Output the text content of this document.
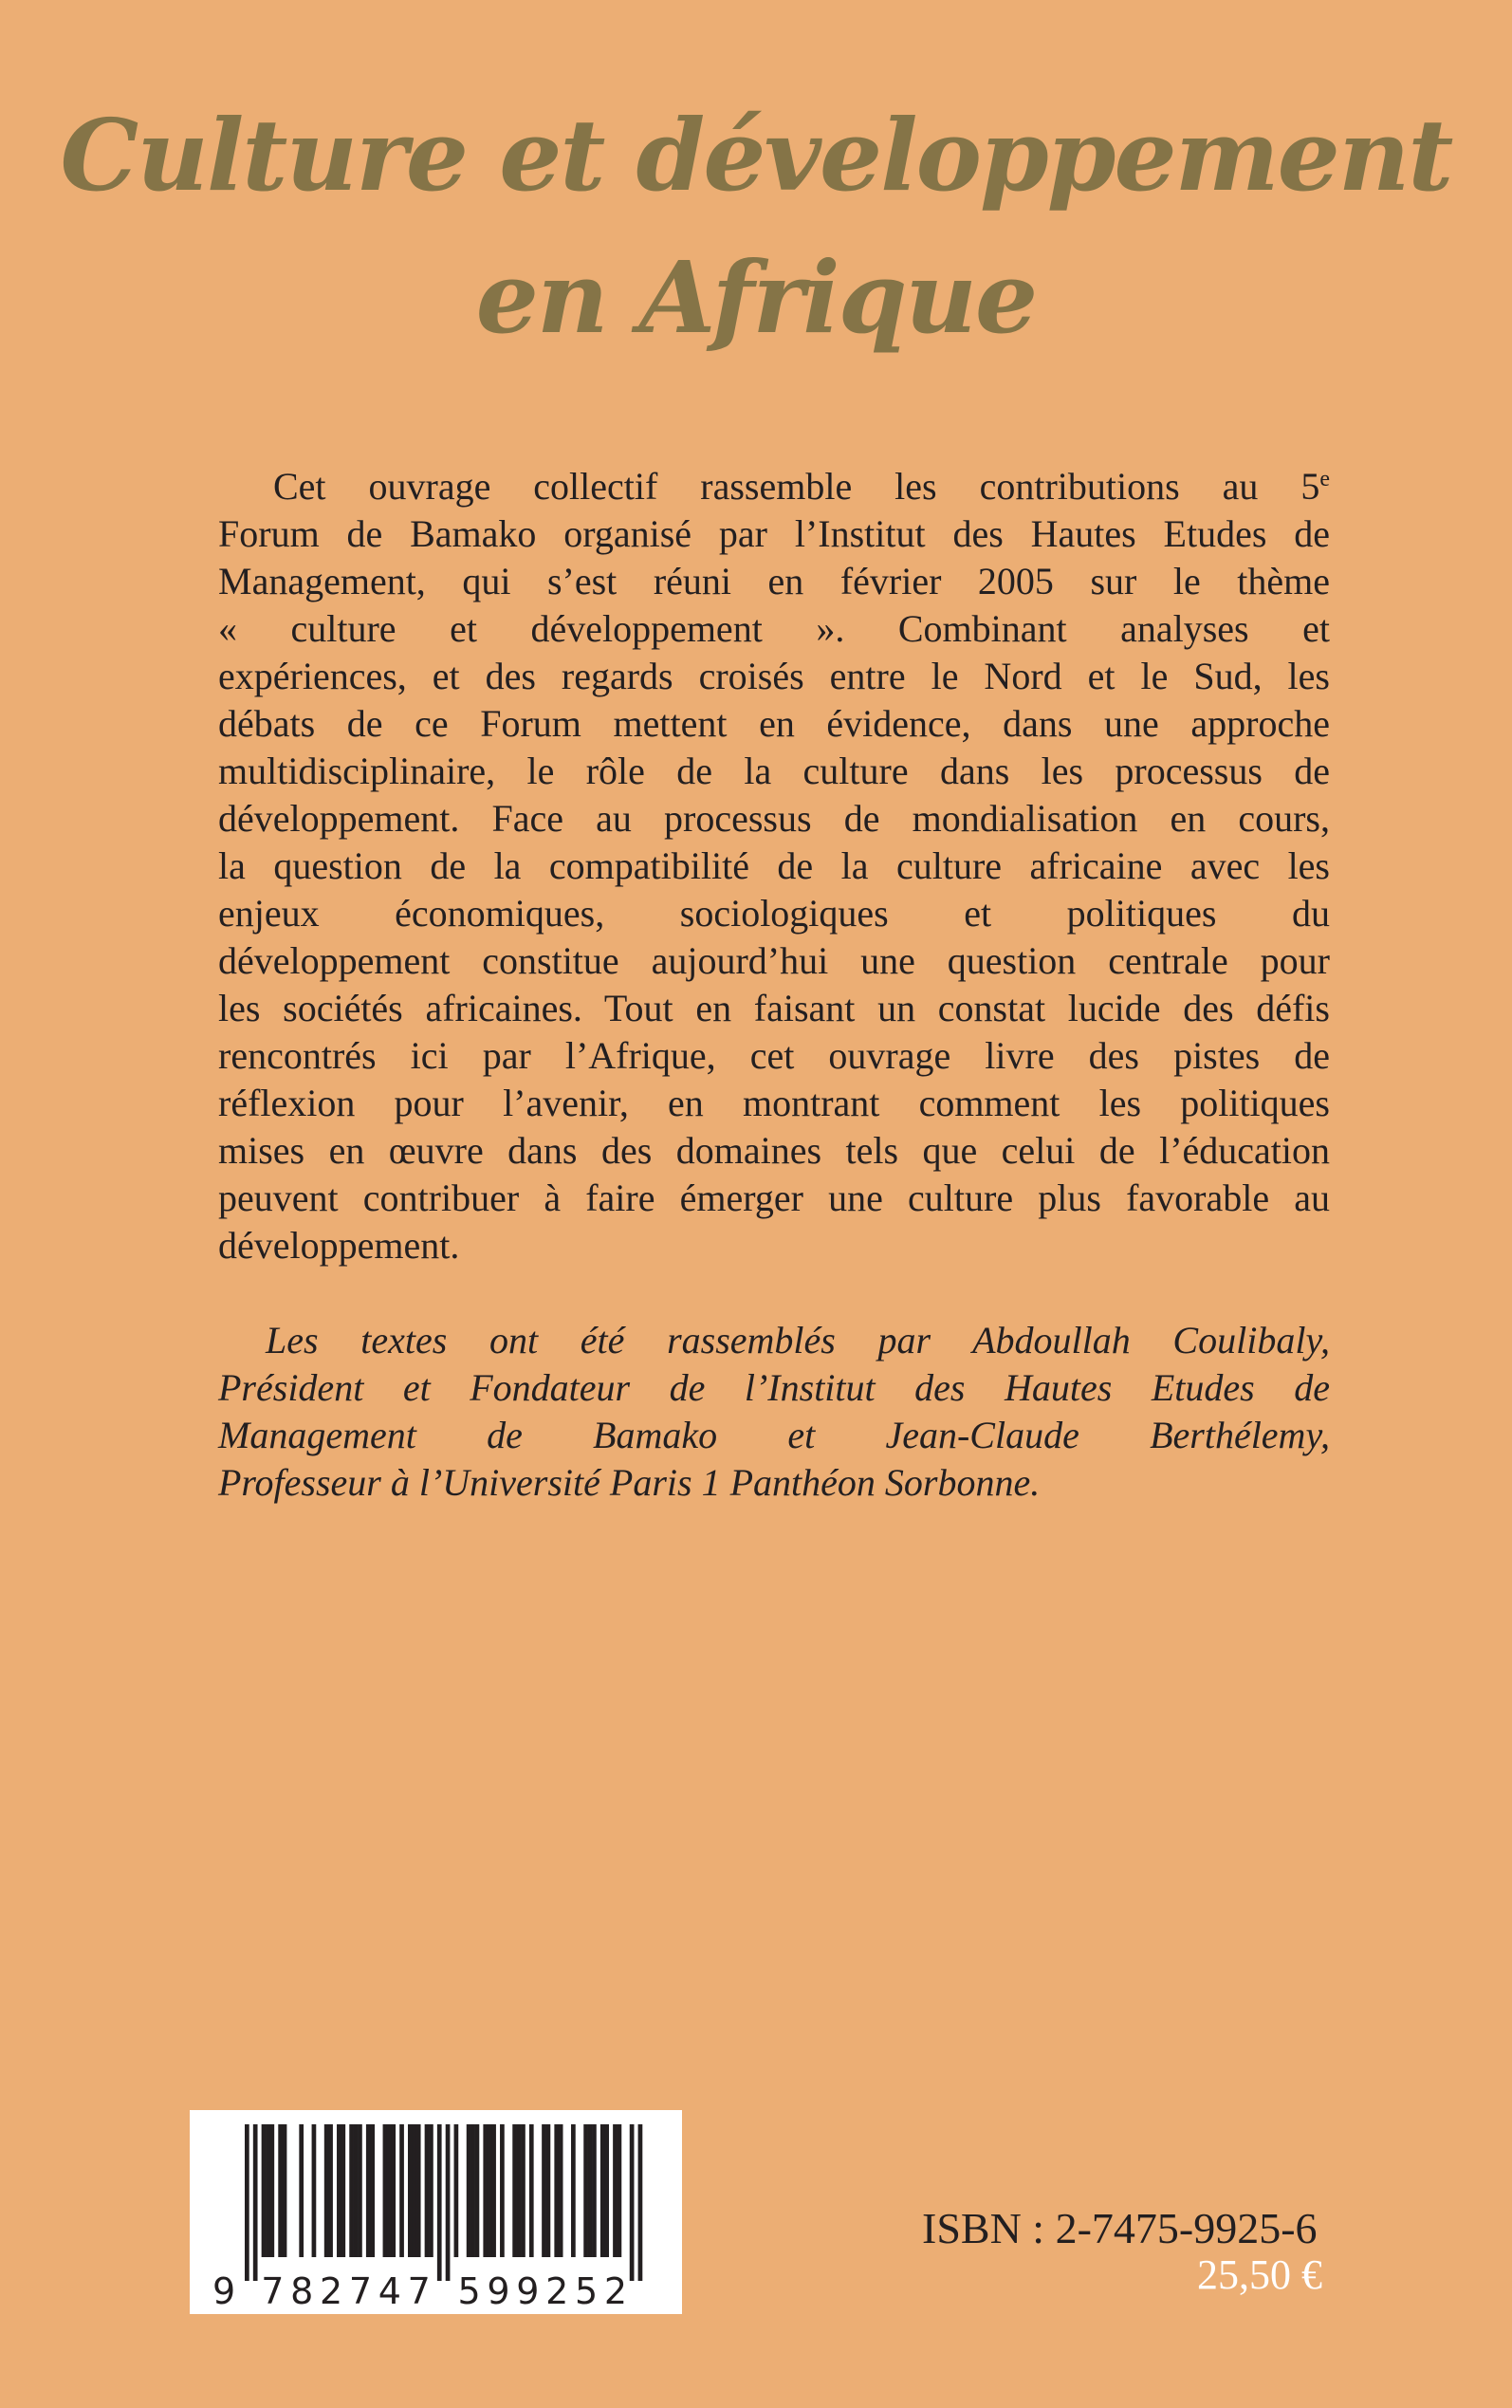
Culture et développement
en Afrique
Cet ouvrage collectif rassemble les contributions au 5e
Forum de Bamako organisé par l’Institut des Hautes Etudes de
Management, qui s’est réuni en février 2005 sur le thème
« culture et développement ». Combinant analyses et
expériences, et des regards croisés entre le Nord et le Sud, les
débats de ce Forum mettent en évidence, dans une approche
multidisciplinaire, le rôle de la culture dans les processus de
développement. Face au processus de mondialisation en cours,
la question de la compatibilité de la culture africaine avec les
enjeux économiques, sociologiques et politiques du
développement constitue aujourd’hui une question centrale pour
les sociétés africaines. Tout en faisant un constat lucide des défis
rencontrés ici par l’Afrique, cet ouvrage livre des pistes de
réflexion pour l’avenir, en montrant comment les politiques
mises en œuvre dans des domaines tels que celui de l’éducation
peuvent contribuer à faire émerger une culture plus favorable au
développement.
Les textes ont été rassemblés par Abdoullah Coulibaly,
Président et Fondateur de l’Institut des Hautes Etudes de
Management de Bamako et Jean-Claude Berthélemy,
Professeur à l’Université Paris 1 Panthéon Sorbonne.
9 7 8 2 7 4 7 5 9 9 2 5 2
ISBN : 2-7475-9925-6
25,50 €
